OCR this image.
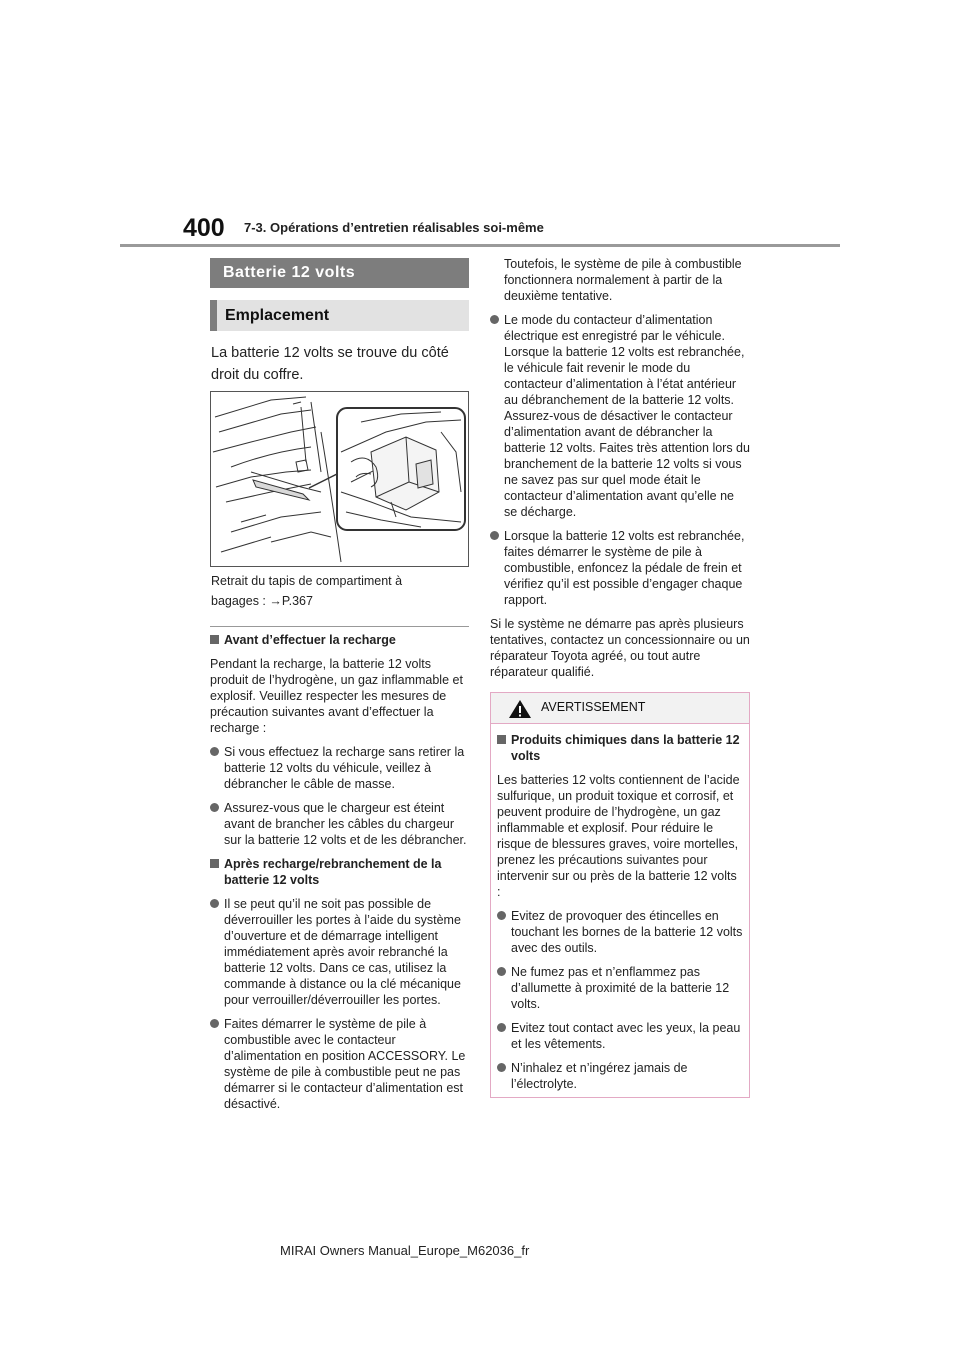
400 7-3. Opérations d’entretien réalisables soi-même
Batterie 12 volts
Emplacement
La batterie 12 volts se trouve du côté droit du coffre.
Retrait du tapis de compartiment à
bagages : →P.367

Avant d’effectuer la recharge

Pendant la recharge, la batterie 12 volts produit de l’hydrogène, un gaz inflammable et explosif. Veuillez respecter les mesures de précaution suivantes avant d’effectuer la recharge :

Si vous effectuez la recharge sans retirer la batterie 12 volts du véhicule, veillez à débrancher le câble de masse.

Assurez-vous que le chargeur est éteint avant de brancher les câbles du chargeur sur la batterie 12 volts et de les débrancher.

Après recharge/rebranchement de la batterie 12 volts

Il se peut qu’il ne soit pas possible de déverrouiller les portes à l’aide du système d’ouverture et de démarrage intelligent immédiatement après avoir rebranché la batterie 12 volts. Dans ce cas, utilisez la commande à distance ou la clé mécanique pour verrouiller/déverrouiller les portes.

Faites démarrer le système de pile à combustible avec le contacteur d’alimentation en position ACCESSORY. Le système de pile à combustible peut ne pas démarrer si le contacteur d’alimentation est désactivé.

Toutefois, le système de pile à combustible fonctionnera normalement à partir de la deuxième tentative.

Le mode du contacteur d’alimentation électrique est enregistré par le véhicule. Lorsque la batterie 12 volts est rebranchée, le véhicule fait revenir le mode du contacteur d’alimentation à l’état antérieur au débranchement de la batterie 12 volts. Assurez-vous de désactiver le contacteur d’alimentation avant de débrancher la batterie 12 volts. Faites très attention lors du branchement de la batterie 12 volts si vous ne savez pas sur quel mode était le contacteur d’alimentation avant qu’elle ne se décharge.

Lorsque la batterie 12 volts est rebranchée, faites démarrer le système de pile à combustible, enfoncez la pédale de frein et vérifiez qu’il est possible d’engager chaque rapport.

Si le système ne démarre pas après plusieurs tentatives, contactez un concessionnaire ou un réparateur Toyota agréé, ou tout autre réparateur qualifié.

AVERTISSEMENT

Produits chimiques dans la batterie 12 volts

Les batteries 12 volts contiennent de l’acide sulfurique, un produit toxique et corrosif, et peuvent produire de l’hydrogène, un gaz inflammable et explosif. Pour réduire le risque de blessures graves, voire mortelles, prenez les précautions suivantes pour intervenir sur ou près de la batterie 12 volts :

Evitez de provoquer des étincelles en touchant les bornes de la batterie 12 volts avec des outils.

Ne fumez pas et n’enflammez pas d’allumette à proximité de la batterie 12 volts.

Evitez tout contact avec les yeux, la peau et les vêtements.

N’inhalez et n’ingérez jamais de l’électrolyte.

MIRAI Owners Manual_Europe_M62036_fr
